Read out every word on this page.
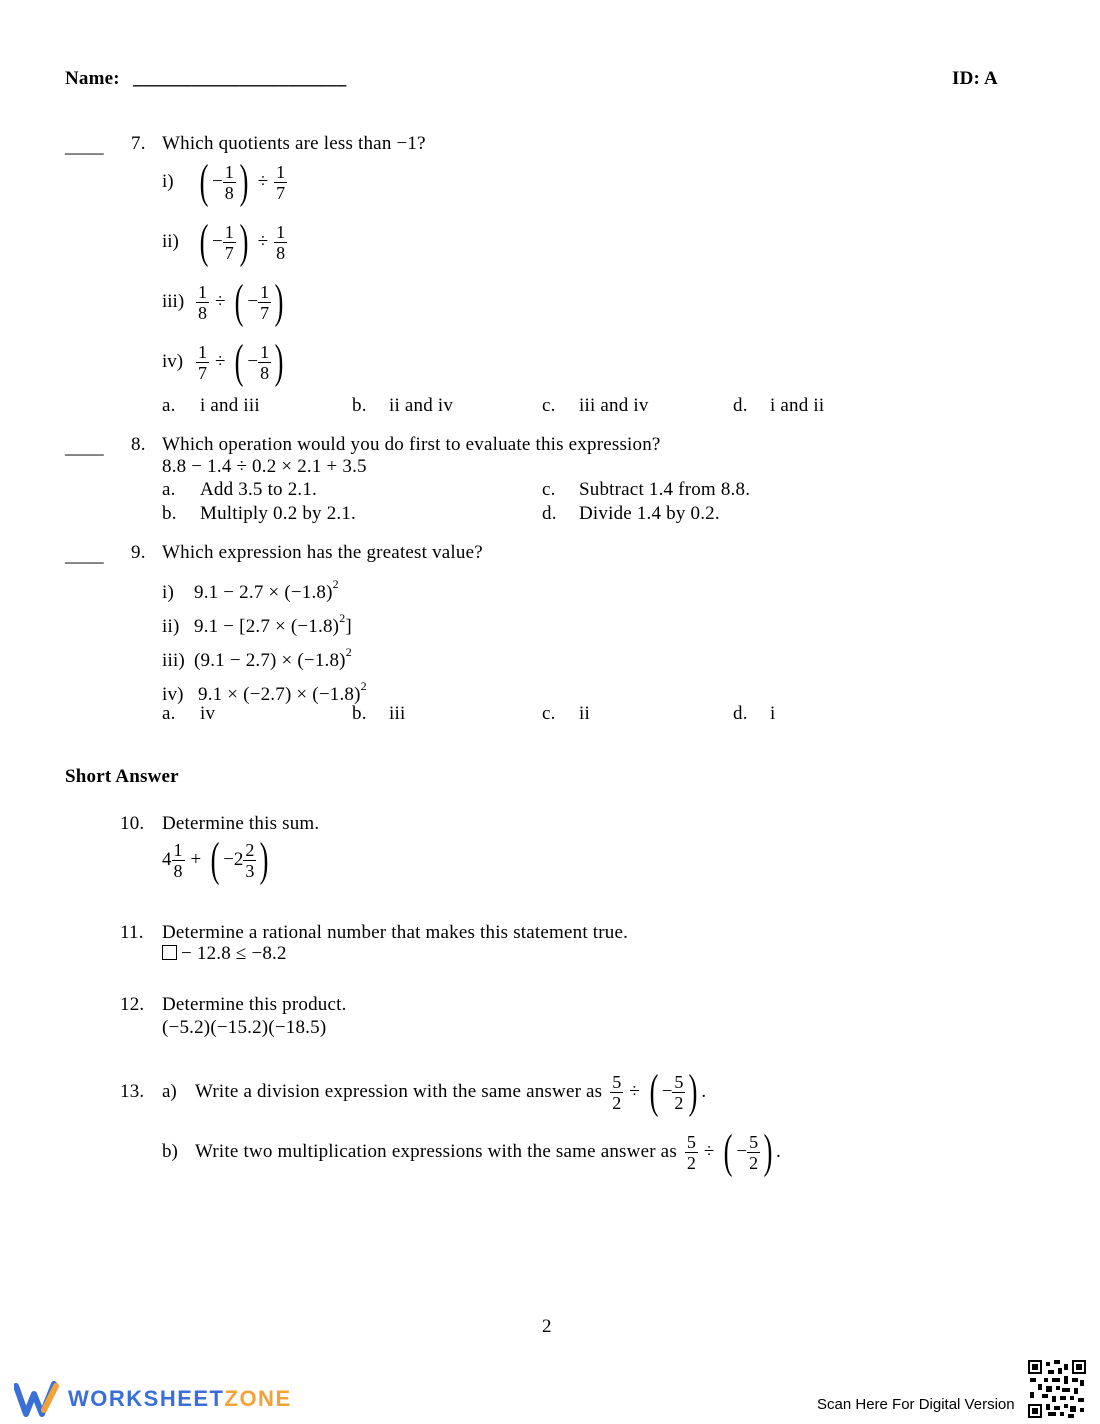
Name: ______________________	ID: A
____ 7. Which quotients are less than −1?
i) ( − $\frac{1}{8}$ ) ÷ $\frac{1}{7}$
ii) ( − $\frac{1}{7}$ ) ÷ $\frac{1}{8}$
$iii) \frac{1}{8}$ ÷ ( − $\frac{1}{7}$ )
$iv) \frac{1}{7}$ ÷ ( − $\frac{1}{8}$ )
a. i and iii	b. ii and iv	c. iii and iv	d. i and ii
____ 8. Which operation would you do first to evaluate this expression?
8.8 − 1.4 ÷ 0.2 × 2.1 + 3.5
a. Add 3.5 to 2.1.
b. Multiply 0.2 by 2.1.
c. Subtract 1.4 from 8.8.
d. Divide 1.4 by 0.2.
____ 9. Which expression has the greatest value?
i) $9.1 - 2.7 \times (-1.8)^2$
ii) $9.1 - [2.7 \times (-1.8)^2]$
iii) $(9.1 - 2.7) \times (-1.8)^2$
iv) $9.1 \times (-2.7) \times (-1.8)^2$
a. iv	b. iii	c. ii	d. i
Short Answer
10. Determine this sum.
$4 \frac{1}{8}$ + ( $-2 \frac{2}{3}$ )
11. Determine a rational number that makes this statement true.
− 12.8 ≤ −8.2
12. Determine this product.
(−5.2)(−15.2)(−18.5)
13. a) Write a division expression with the same answer as $\frac{5}{2}$ ÷ ( − $\frac{5}{2}$ ) .
b) Write two multiplication expressions with the same answer as $\frac{5}{2}$ ÷ ( − $\frac{5}{2}$ ) .
2
WORKSHEET ZONE	Scan Here For Digital Version
